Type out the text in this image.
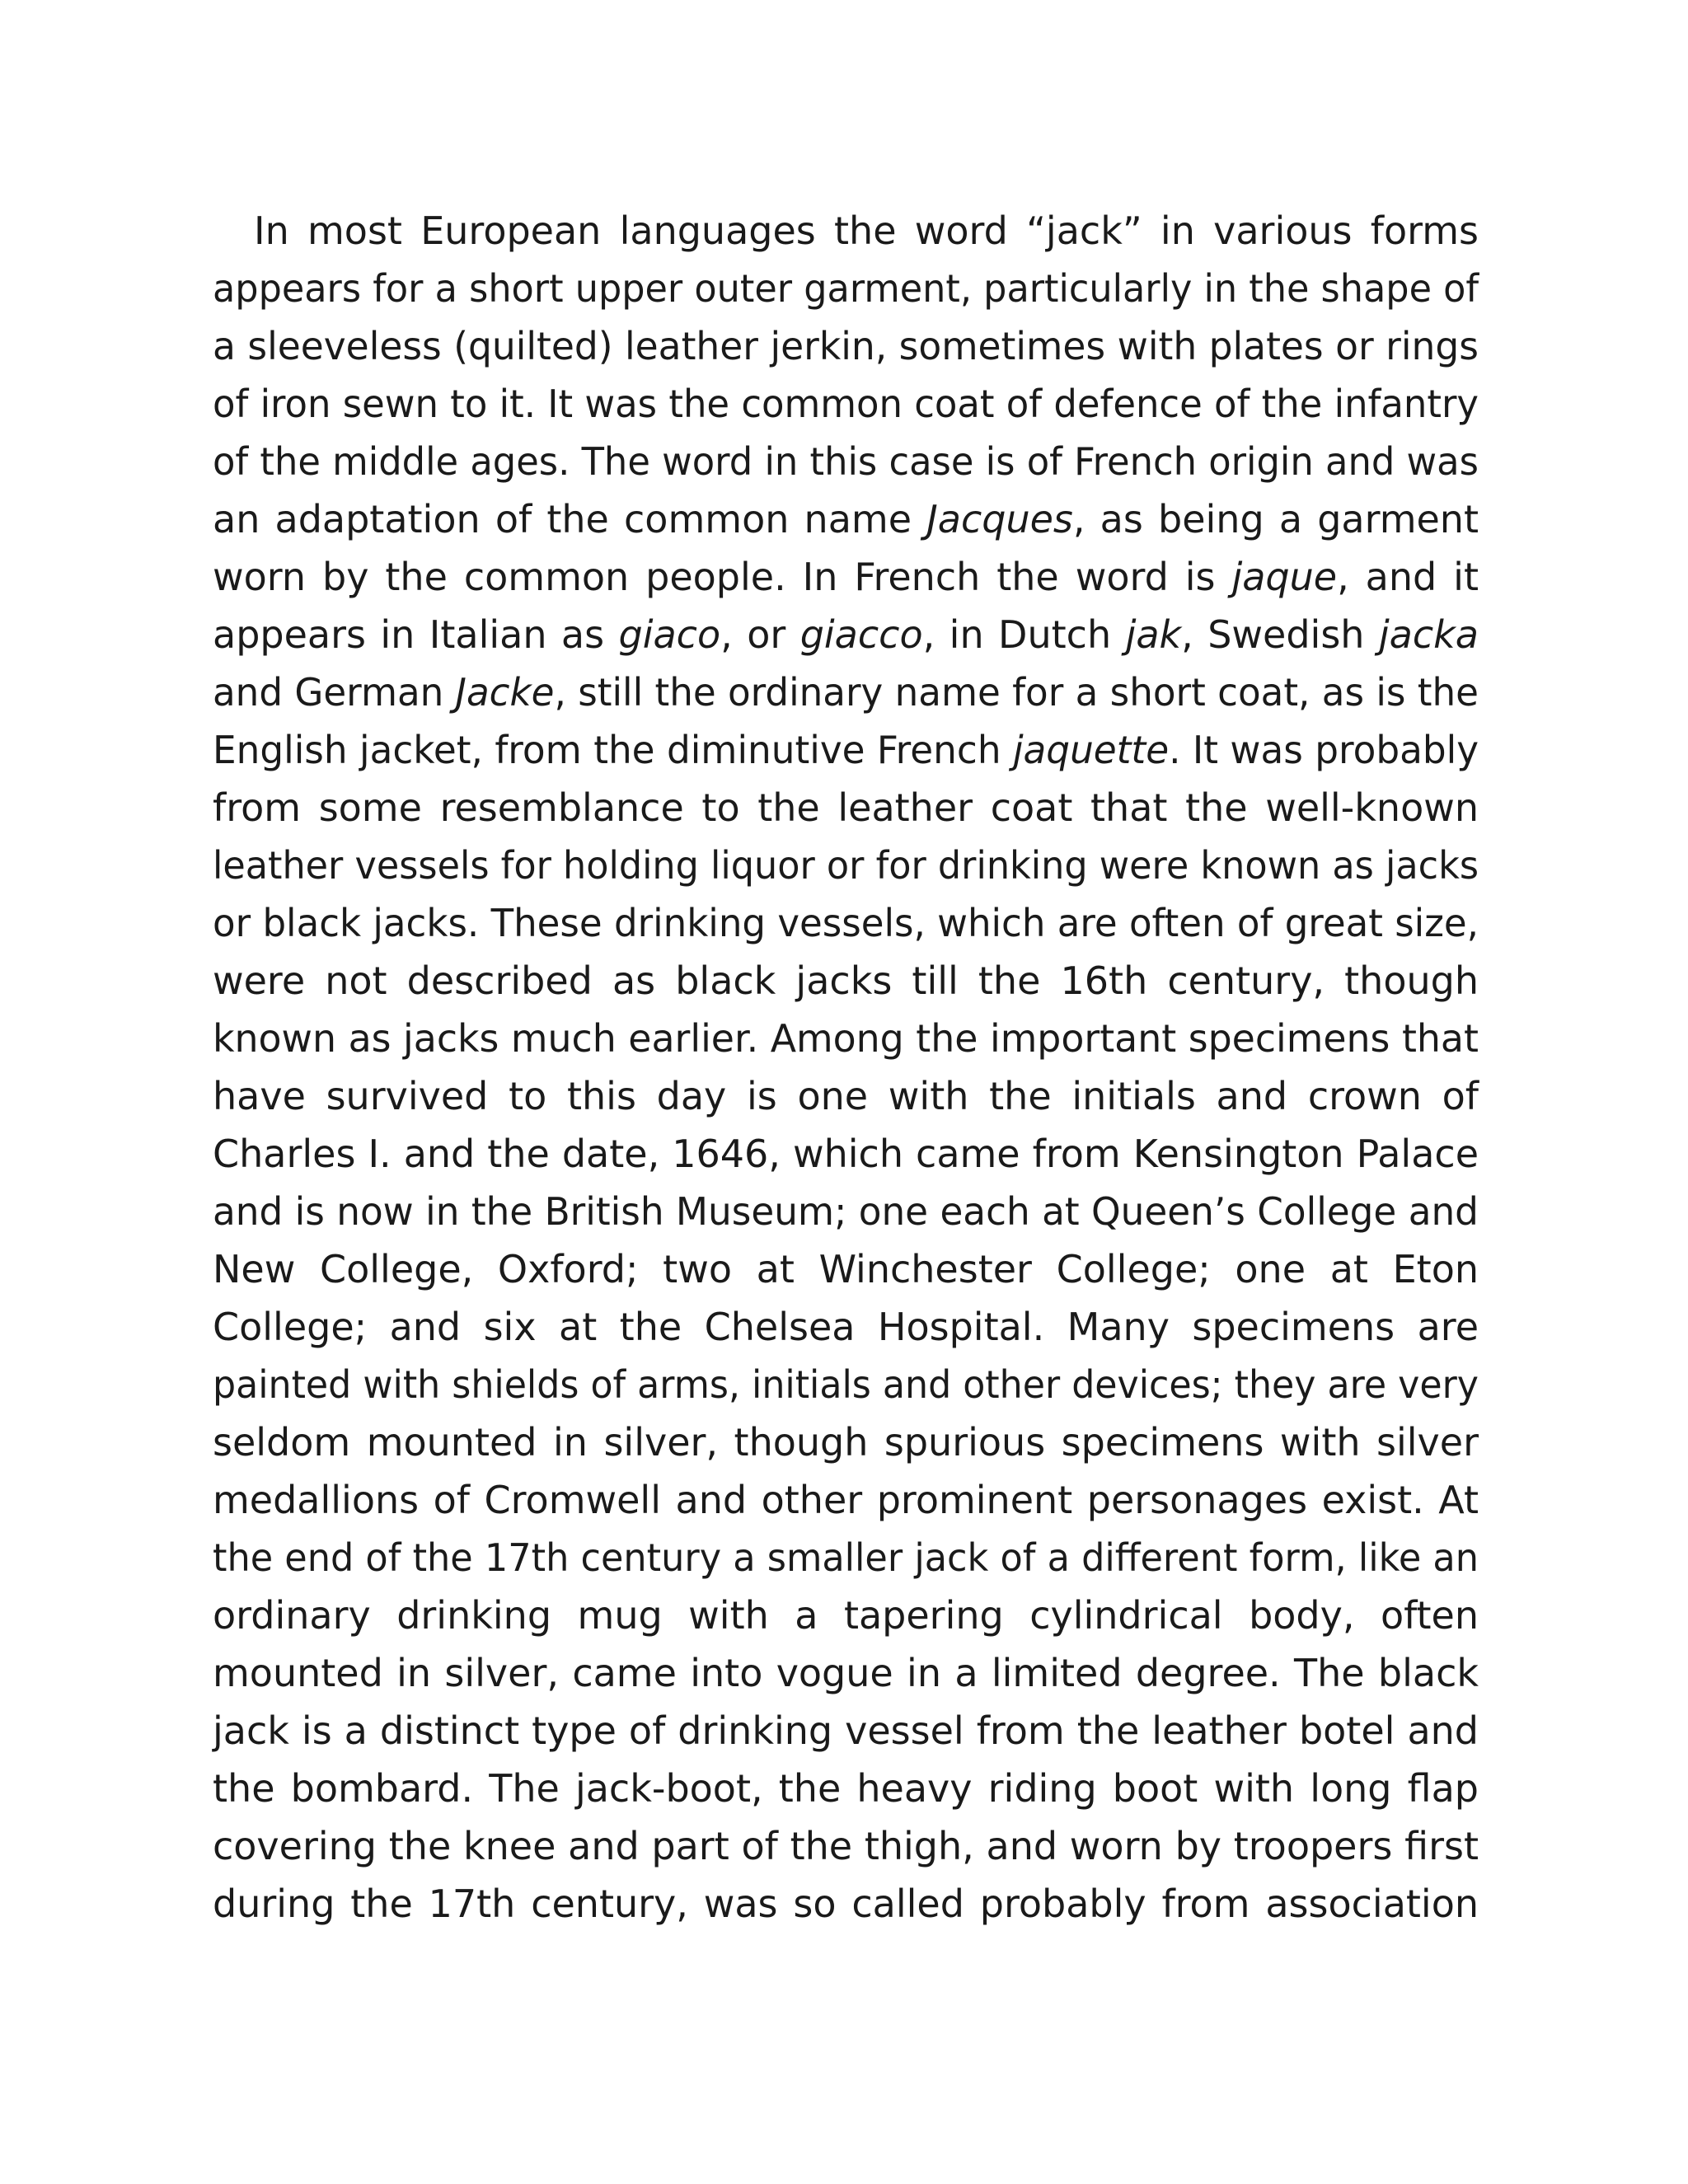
In most European languages the word “jack” in various forms
appears for a short upper outer garment, particularly in the shape of
a sleeveless (quilted) leather jerkin, sometimes with plates or rings
of iron sewn to it. It was the common coat of defence of the infantry
of the middle ages. The word in this case is of French origin and was
an adaptation of the common name Jacques, as being a garment
worn by the common people. In French the word is jaque, and it
appears in Italian as giaco, or giacco, in Dutch jak, Swedish jacka
and German Jacke, still the ordinary name for a short coat, as is the
English jacket, from the diminutive French jaquette. It was probably
from some resemblance to the leather coat that the well-known
leather vessels for holding liquor or for drinking were known as jacks
or black jacks. These drinking vessels, which are often of great size,
were not described as black jacks till the 16th century, though
known as jacks much earlier. Among the important specimens that
have survived to this day is one with the initials and crown of
Charles I. and the date, 1646, which came from Kensington Palace
and is now in the British Museum; one each at Queen’s College and
New College, Oxford; two at Winchester College; one at Eton
College; and six at the Chelsea Hospital. Many specimens are
painted with shields of arms, initials and other devices; they are very
seldom mounted in silver, though spurious specimens with silver
medallions of Cromwell and other prominent personages exist. At
the end of the 17th century a smaller jack of a different form, like an
ordinary drinking mug with a tapering cylindrical body, often
mounted in silver, came into vogue in a limited degree. The black
jack is a distinct type of drinking vessel from the leather botel and
the bombard. The jack-boot, the heavy riding boot with long flap
covering the knee and part of the thigh, and worn by troopers first
during the 17th century, was so called probably from association
